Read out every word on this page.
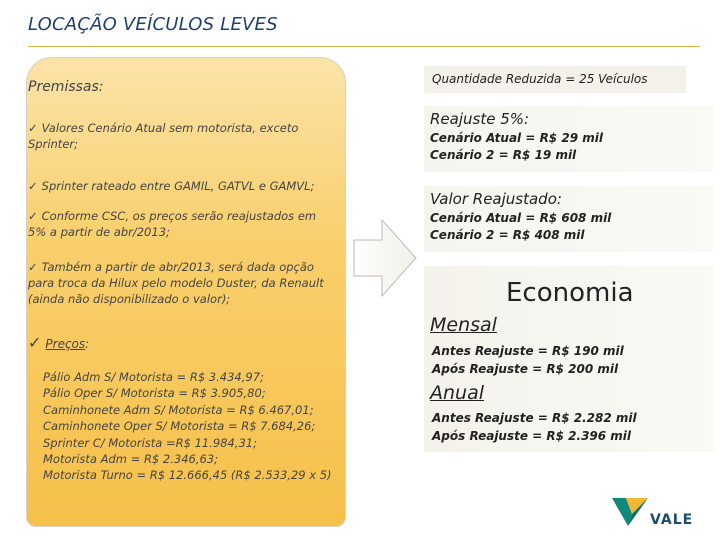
LOCAÇÃO VEÍCULOS LEVES
Premissas:
✓ Valores Cenário Atual sem motorista, exceto Sprinter;
✓ Sprinter rateado entre GAMIL, GATVL e GAMVL;
✓ Conforme CSC, os preços serão reajustados em 5% a partir de abr/2013;
✓ Também a partir de abr/2013, será dada opção para troca da Hilux pelo modelo Duster, da Renault (ainda não disponibilizado o valor);
✓ Preços:
Pálio Adm S/ Motorista = R$ 3.434,97;
Pálio Oper S/ Motorista = R$ 3.905,80;
Caminhonete Adm S/ Motorista = R$ 6.467,01;
Caminhonete Oper S/ Motorista = R$ 7.684,26;
Sprinter C/ Motorista =R$ 11.984,31;
Motorista Adm = R$ 2.346,63;
Motorista Turno = R$ 12.666,45 (R$ 2.533,29 x 5)
Quantidade Reduzida = 25 Veículos
Reajuste 5%:
Cenário Atual = R$ 29 mil
Cenário 2 = R$ 19 mil
Valor Reajustado:
Cenário Atual = R$ 608 mil
Cenário 2 = R$ 408 mil
Economia
Mensal
Antes Reajuste = R$ 190 mil
Após Reajuste = R$ 200 mil
Anual
Antes Reajuste = R$ 2.282 mil
Após Reajuste = R$ 2.396 mil
VALE
